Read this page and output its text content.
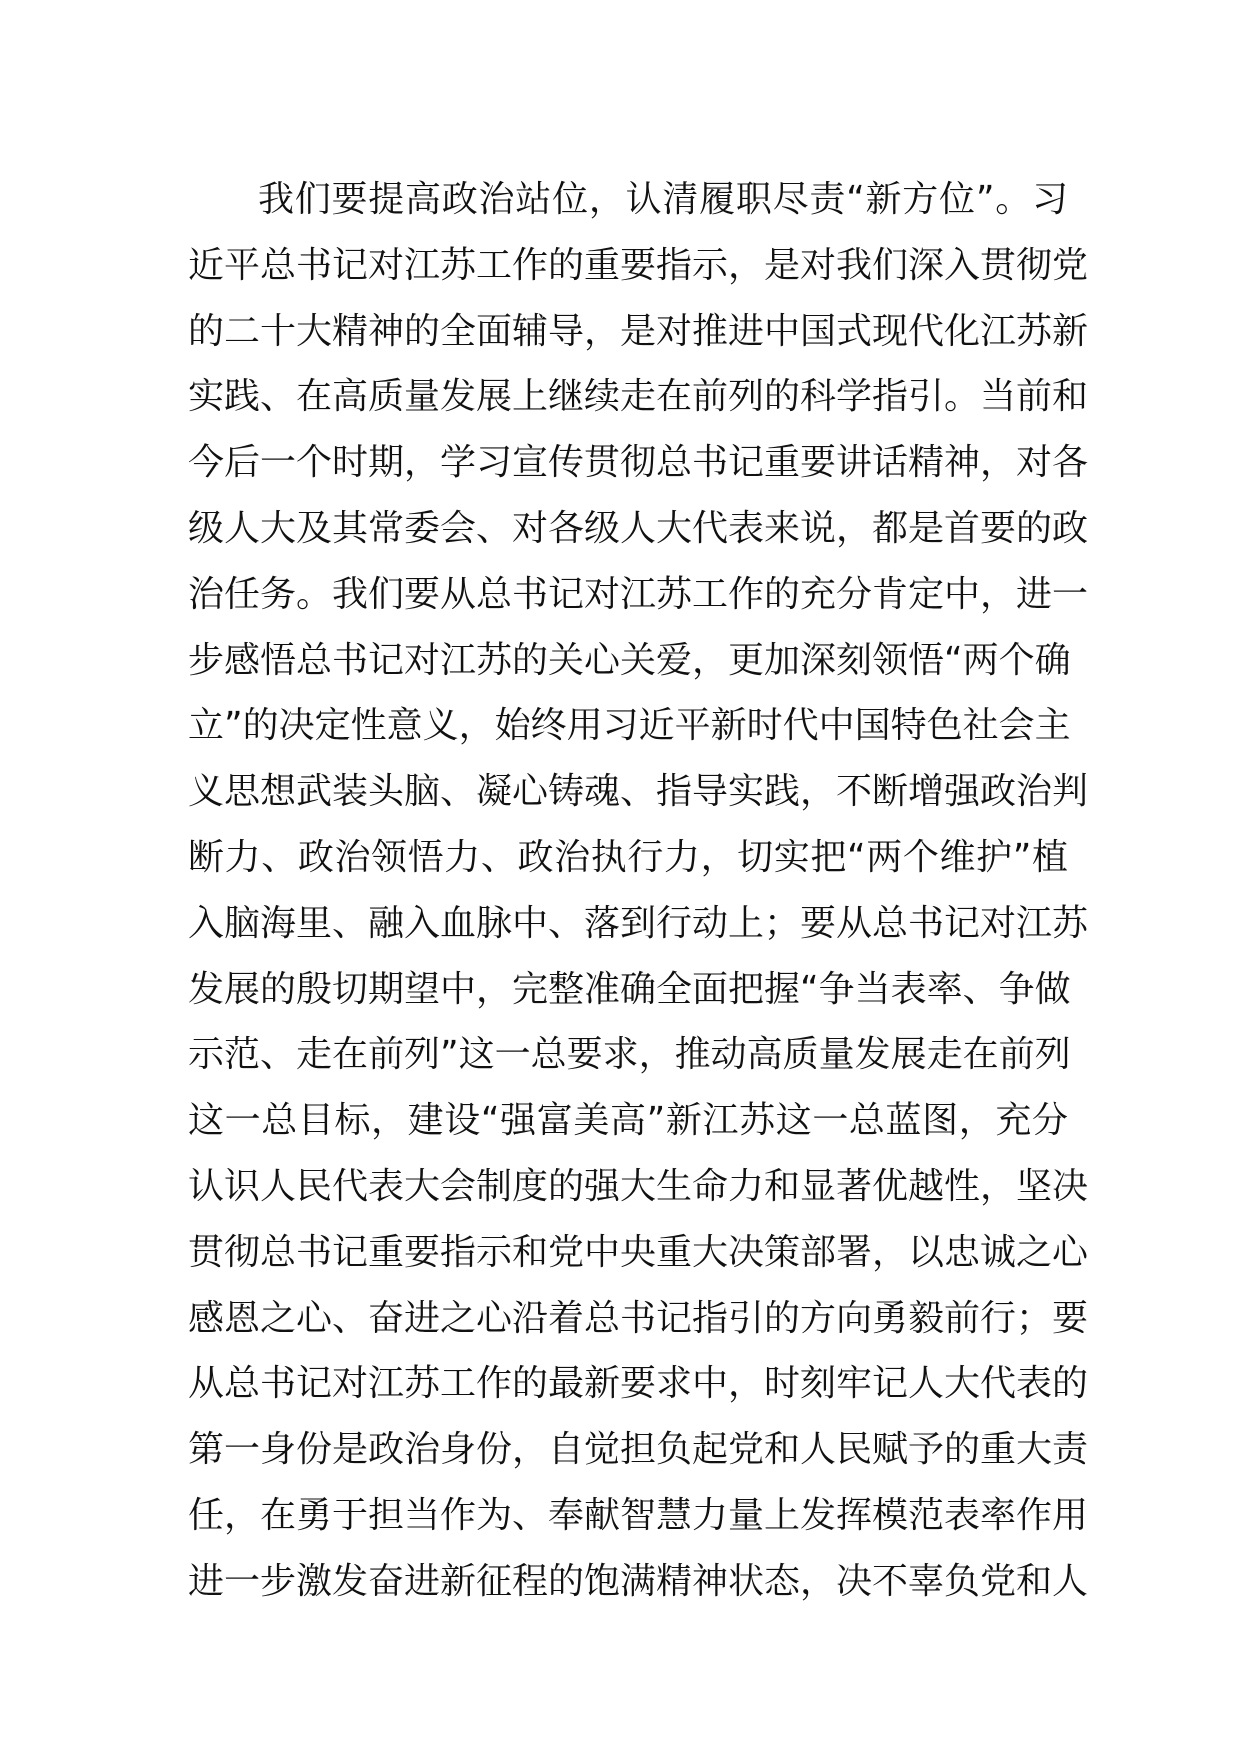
我们要提高政治站位，认清履职尽责“新方位”。习
近平总书记对江苏工作的重要指示，是对我们深入贯彻党
的二十大精神的全面辅导，是对推进中国式现代化江苏新
实践、在高质量发展上继续走在前列的科学指引。当前和
今后一个时期，学习宣传贯彻总书记重要讲话精神，对各
级人大及其常委会、对各级人大代表来说，都是首要的政
治任务。我们要从总书记对江苏工作的充分肯定中，进一
步感悟总书记对江苏的关心关爱，更加深刻领悟“两个确
立”的决定性意义，始终用习近平新时代中国特色社会主
义思想武装头脑、凝心铸魂、指导实践，不断增强政治判
断力、政治领悟力、政治执行力，切实把“两个维护”植
入脑海里、融入血脉中、落到行动上；要从总书记对江苏
发展的殷切期望中，完整准确全面把握“争当表率、争做
示范、走在前列”这一总要求，推动高质量发展走在前列
这一总目标，建设“强富美高”新江苏这一总蓝图，充分
认识人民代表大会制度的强大生命力和显著优越性，坚决
贯彻总书记重要指示和党中央重大决策部署，以忠诚之心
感恩之心、奋进之心沿着总书记指引的方向勇毅前行；要
从总书记对江苏工作的最新要求中，时刻牢记人大代表的
第一身份是政治身份，自觉担负起党和人民赋予的重大责
任，在勇于担当作为、奉献智慧力量上发挥模范表率作用
进一步激发奋进新征程的饱满精神状态，决不辜负党和人
